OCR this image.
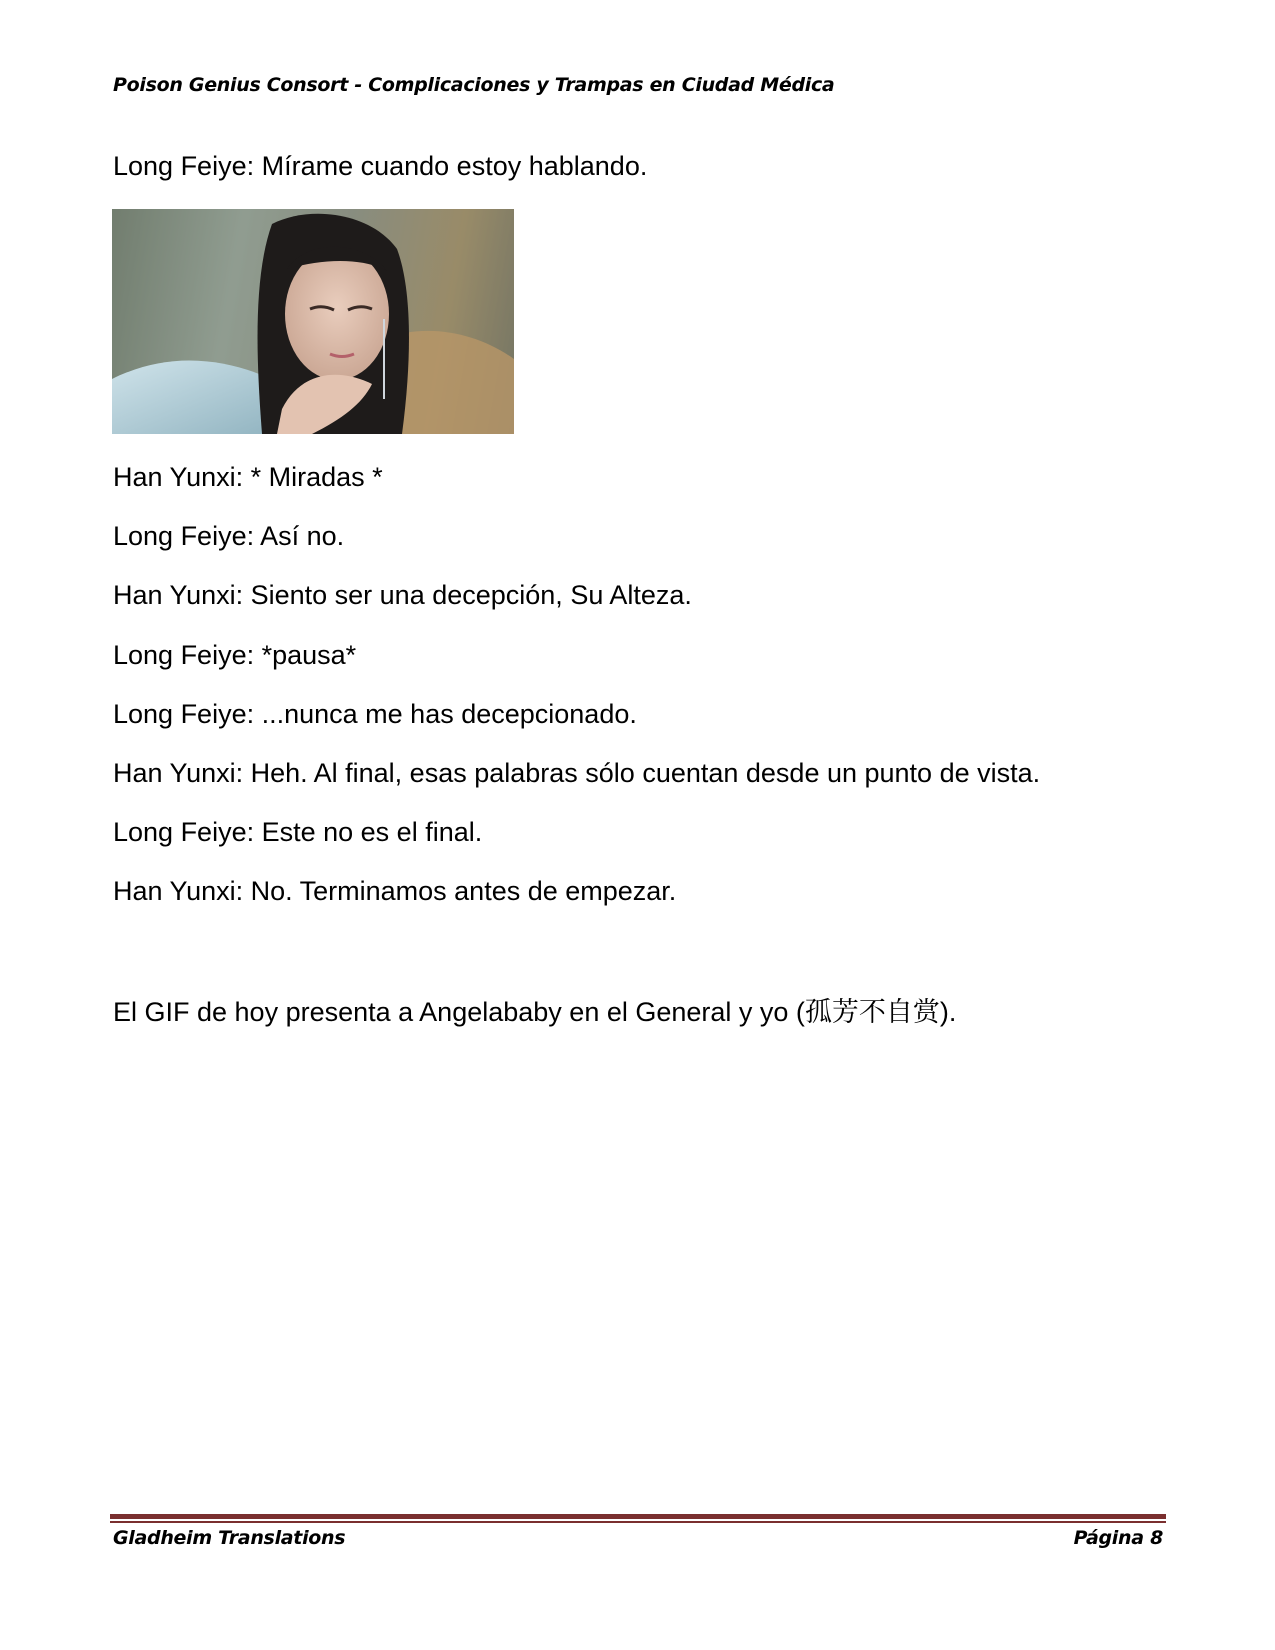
Poison Genius Consort - Complicaciones y Trampas en Ciudad Médica
Long Feiye: Mírame cuando estoy hablando.
Han Yunxi: * Miradas *
Long Feiye: Así no.
Han Yunxi: Siento ser una decepción, Su Alteza.
Long Feiye: *pausa*
Long Feiye: ...nunca me has decepcionado.
Han Yunxi: Heh. Al final, esas palabras sólo cuentan desde un punto de vista.
Long Feiye: Este no es el final.
Han Yunxi: No. Terminamos antes de empezar.
El GIF de hoy presenta a Angelababy en el General y yo (孤芳不自赏).
Gladheim Translations	Página 8
